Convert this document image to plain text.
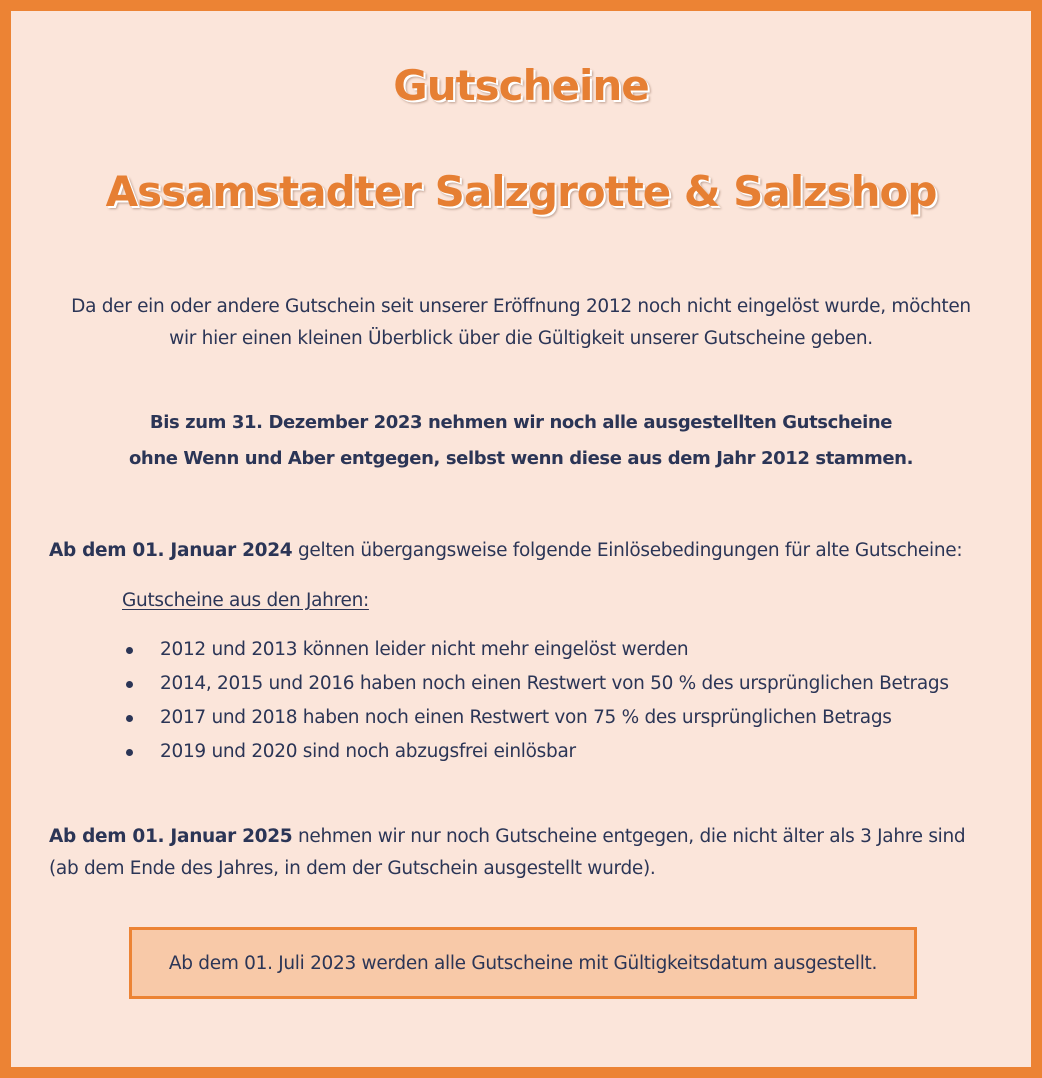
Gutscheine
Assamstadter Salzgrotte & Salzshop

Da der ein oder andere Gutschein seit unserer Eröffnung 2012 noch nicht eingelöst wurde, möchten
wir hier einen kleinen Überblick über die Gültigkeit unserer Gutscheine geben.

Bis zum 31. Dezember 2023 nehmen wir noch alle ausgestellten Gutscheine
ohne Wenn und Aber entgegen, selbst wenn diese aus dem Jahr 2012 stammen.

Ab dem 01. Januar 2024 gelten übergangsweise folgende Einlösebedingungen für alte Gutscheine:

Gutscheine aus den Jahren:
2012 und 2013 können leider nicht mehr eingelöst werden
2014, 2015 und 2016 haben noch einen Restwert von 50 % des ursprünglichen Betrags
2017 und 2018 haben noch einen Restwert von 75 % des ursprünglichen Betrags
2019 und 2020 sind noch abzugsfrei einlösbar

Ab dem 01. Januar 2025 nehmen wir nur noch Gutscheine entgegen, die nicht älter als 3 Jahre sind
(ab dem Ende des Jahres, in dem der Gutschein ausgestellt wurde).

Ab dem 01. Juli 2023 werden alle Gutscheine mit Gültigkeitsdatum ausgestellt.
